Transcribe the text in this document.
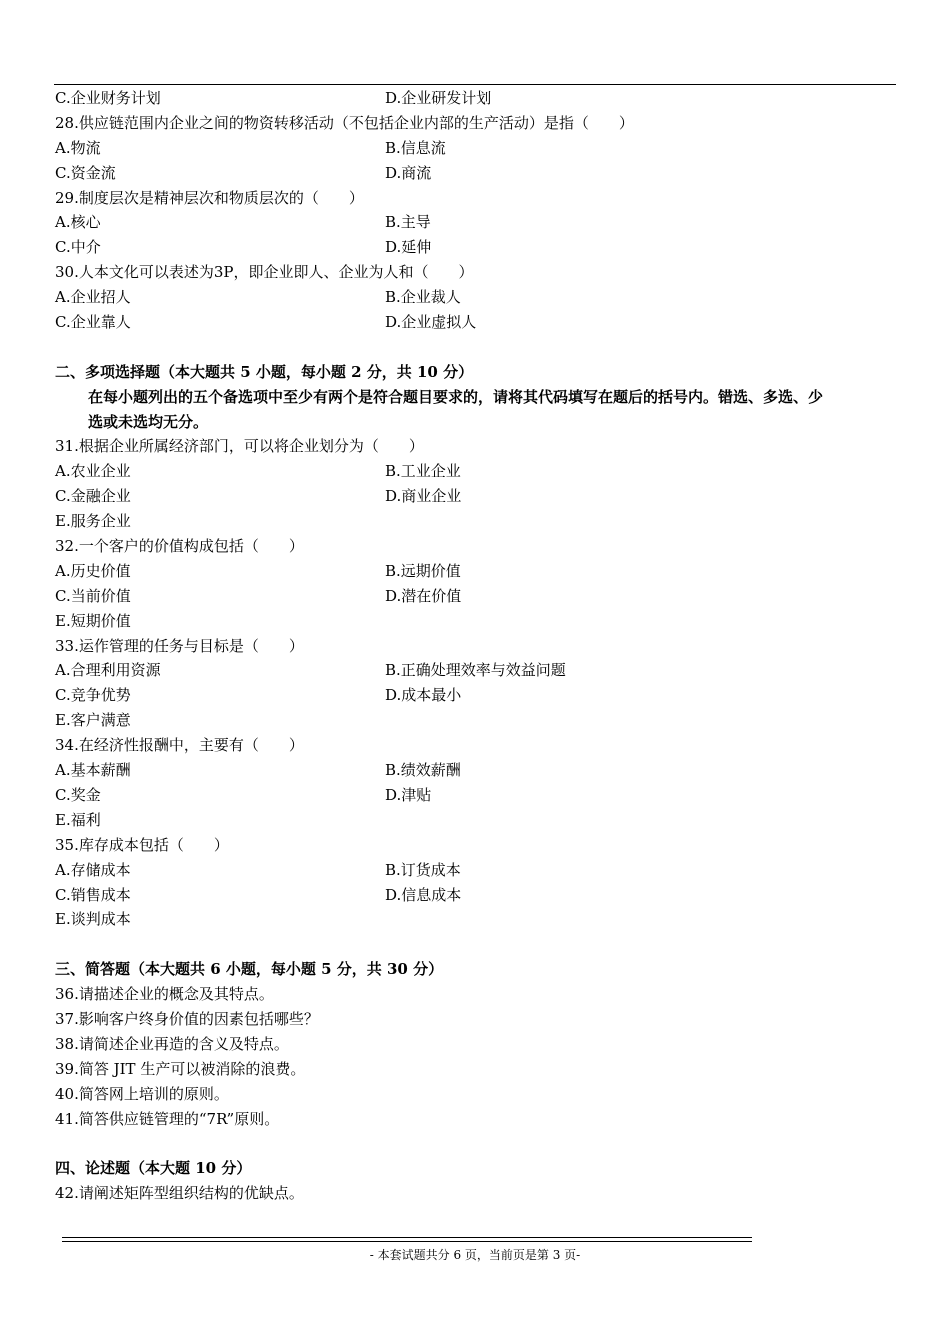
C.企业财务计划	D.企业研发计划
28.供应链范围内企业之间的物资转移活动（不包括企业内部的生产活动）是指（　　）
A.物流	B.信息流
C.资金流	D.商流
29.制度层次是精神层次和物质层次的（　　）
A.核心	B.主导
C.中介	D.延伸
30.人本文化可以表述为3P，即企业即人、企业为人和（　　）
A.企业招人	B.企业裁人
C.企业靠人	D.企业虚拟人
二、多项选择题（本大题共 5 小题，每小题 2 分，共 10 分）
在每小题列出的五个备选项中至少有两个是符合题目要求的，请将其代码填写在题后的括号内。错选、多选、少
选或未选均无分。
31.根据企业所属经济部门，可以将企业划分为（　　）
A.农业企业	B.工业企业
C.金融企业	D.商业企业
E.服务企业
32.一个客户的价值构成包括（　　）
A.历史价值	B.远期价值
C.当前价值	D.潜在价值
E.短期价值
33.运作管理的任务与目标是（　　）
A.合理利用资源	B.正确处理效率与效益问题
C.竞争优势	D.成本最小
E.客户满意
34.在经济性报酬中，主要有（　　）
A.基本薪酬	B.绩效薪酬
C.奖金	D.津贴
E.福利
35.库存成本包括（　　）
A.存储成本	B.订货成本
C.销售成本	D.信息成本
E.谈判成本
三、简答题（本大题共 6 小题，每小题 5 分，共 30 分）
36.请描述企业的概念及其特点。
37.影响客户终身价值的因素包括哪些？
38.请简述企业再造的含义及特点。
39.简答 JIT 生产可以被消除的浪费。
40.简答网上培训的原则。
41.简答供应链管理的“7R”原则。
四、论述题（本大题 10 分）
42.请阐述矩阵型组织结构的优缺点。
- 本套试题共分 6 页，当前页是第 3 页-
